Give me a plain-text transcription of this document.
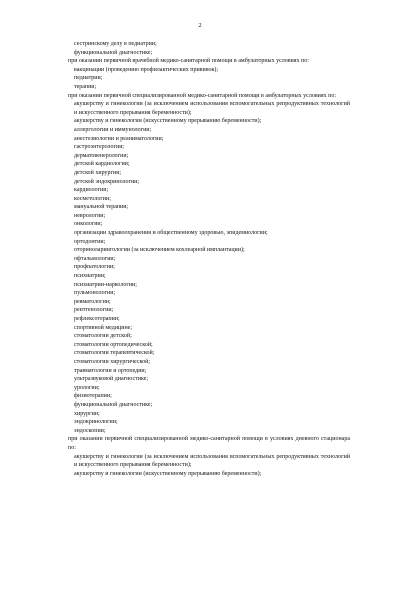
2
сестринскому делу в педиатрии;
функциональной диагностике;
при оказании первичной врачебной медико-санитарной помощи в амбулаторных условиях по:
вакцинации (проведению профилактических прививок);
педиатрии;
терапии;
при оказании первичной специализированной медико-санитарной помощи в амбулаторных условиях по:
акушерству и гинекологии (за исключением использования вспомогательных репродуктивных технологий и искусственного прерывания беременности);
акушерству и гинекологии (искусственному прерыванию беременности);
аллергологии и иммунологии;
анестезиологии и реаниматологии;
гастроэнтерологии;
дерматовенерологии;
детской кардиологии;
детской хирургии;
детской эндокринологии;
кардиологии;
косметологии;
мануальной терапии;
неврологии;
онкологии;
организации здравоохранения и общественному здоровью, эпидемиологии;
ортодонтии;
оториноларингологии (за исключением кохлеарной имплантации);
офтальмологии;
профпатологии;
психиатрии;
психиатрии-наркологии;
пульмонологии;
ревматологии;
рентгенологии;
рефлексотерапии;
спортивной медицине;
стоматологии детской;
стоматологии ортопедической;
стоматологии терапевтической;
стоматологии хирургической;
травматологии и ортопедии;
ультразвуковой диагностике;
урологии;
физиотерапии;
функциональной диагностике;
хирургии;
эндокринологии;
эндоскопии;
при оказании первичной специализированной медико-санитарной помощи в условиях дневного стационара по:
акушерству и гинекологии (за исключением использования вспомогательных репродуктивных технологий и искусственного прерывания беременности);
акушерству и гинекологии (искусственному прерыванию беременности);
